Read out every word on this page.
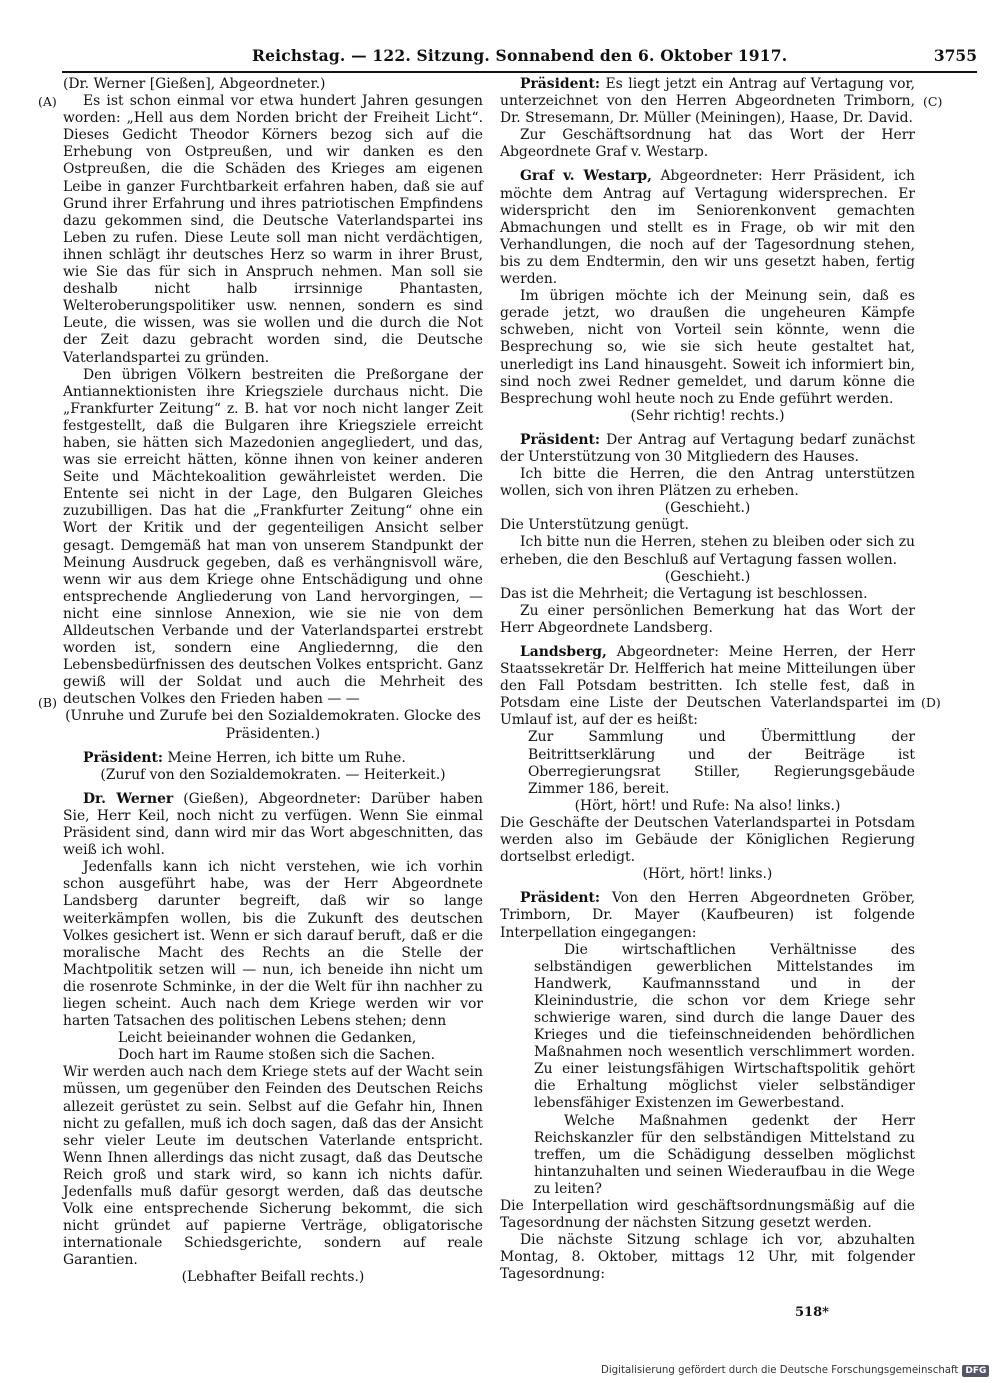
Reichstag. — 122. Sitzung. Sonnabend den 6. Oktober 1917.	3755
(A)
(B)
(C)
(D)

(Dr. Werner [Gießen], Abgeordneter.)

Es ist schon einmal vor etwa hundert Jahren gesungen worden: „Hell aus dem Norden bricht der Freiheit Licht“. Dieses Gedicht Theodor Körners bezog sich auf die Erhebung von Ostpreußen, und wir danken es den Ostpreußen, die die Schäden des Krieges am eigenen Leibe in ganzer Furchtbarkeit erfahren haben, daß sie auf Grund ihrer Erfahrung und ihres patriotischen Empfindens dazu gekommen sind, die Deutsche Vaterlandspartei ins Leben zu rufen. Diese Leute soll man nicht verdächtigen, ihnen schlägt ihr deutsches Herz so warm in ihrer Brust, wie Sie das für sich in Anspruch nehmen. Man soll sie deshalb nicht halb irrsinnige Phantasten, Welteroberungspolitiker usw. nennen, sondern es sind Leute, die wissen, was sie wollen und die durch die Not der Zeit dazu gebracht worden sind, die Deutsche Vaterlandspartei zu gründen.

Den übrigen Völkern bestreiten die Preßorgane der Antiannektionisten ihre Kriegsziele durchaus nicht. Die „Frankfurter Zeitung“ z. B. hat vor noch nicht langer Zeit festgestellt, daß die Bulgaren ihre Kriegsziele erreicht haben, sie hätten sich Mazedonien angegliedert, und das, was sie erreicht hätten, könne ihnen von keiner anderen Seite und Mächtekoalition gewährleistet werden. Die Entente sei nicht in der Lage, den Bulgaren Gleiches zuzubilligen. Das hat die „Frankfurter Zeitung“ ohne ein Wort der Kritik und der gegenteiligen Ansicht selber gesagt. Demgemäß hat man von unserem Standpunkt der Meinung Ausdruck gegeben, daß es verhängnisvoll wäre, wenn wir aus dem Kriege ohne Entschädigung und ohne entsprechende Angliederung von Land hervorgingen, — nicht eine sinnlose Annexion, wie sie nie von dem Alldeutschen Verbande und der Vaterlandspartei erstrebt worden ist, sondern eine Angliedernng, die den Lebensbedürfnissen des deutschen Volkes entspricht. Ganz gewiß will der Soldat und auch die Mehrheit des deutschen Volkes den Frieden haben — —

(Unruhe und Zurufe bei den Sozialdemokraten. Glocke des Präsidenten.)

Präsident: Meine Herren, ich bitte um Ruhe.

(Zuruf von den Sozialdemokraten. — Heiterkeit.)

Dr. Werner (Gießen), Abgeordneter: Darüber haben Sie, Herr Keil, noch nicht zu verfügen. Wenn Sie einmal Präsident sind, dann wird mir das Wort abgeschnitten, das weiß ich wohl.

Jedenfalls kann ich nicht verstehen, wie ich vorhin schon ausgeführt habe, was der Herr Abgeordnete Landsberg darunter begreift, daß wir so lange weiterkämpfen wollen, bis die Zukunft des deutschen Volkes gesichert ist. Wenn er sich darauf beruft, daß er die moralische Macht des Rechts an die Stelle der Machtpolitik setzen will — nun, ich beneide ihn nicht um die rosenrote Schminke, in der die Welt für ihn nachher zu liegen scheint. Auch nach dem Kriege werden wir vor harten Tatsachen des politischen Lebens stehen; denn

Leicht beieinander wohnen die Gedanken,

Doch hart im Raume stoßen sich die Sachen.

Wir werden auch nach dem Kriege stets auf der Wacht sein müssen, um gegenüber den Feinden des Deutschen Reichs allezeit gerüstet zu sein. Selbst auf die Gefahr hin, Ihnen nicht zu gefallen, muß ich doch sagen, daß das der Ansicht sehr vieler Leute im deutschen Vaterlande entspricht. Wenn Ihnen allerdings das nicht zusagt, daß das Deutsche Reich groß und stark wird, so kann ich nichts dafür. Jedenfalls muß dafür gesorgt werden, daß das deutsche Volk eine entsprechende Sicherung bekommt, die sich nicht gründet auf papierne Verträge, obligatorische internationale Schiedsgerichte, sondern auf reale Garantien.

(Lebhafter Beifall rechts.)

Präsident: Es liegt jetzt ein Antrag auf Vertagung vor, unterzeichnet von den Herren Abgeordneten Trimborn, Dr. Stresemann, Dr. Müller (Meiningen), Haase, Dr. David.

Zur Geschäftsordnung hat das Wort der Herr Abgeordnete Graf v. Westarp.

Graf v. Westarp, Abgeordneter: Herr Präsident, ich möchte dem Antrag auf Vertagung widersprechen. Er widerspricht den im Seniorenkonvent gemachten Abmachungen und stellt es in Frage, ob wir mit den Verhandlungen, die noch auf der Tagesordnung stehen, bis zu dem Endtermin, den wir uns gesetzt haben, fertig werden.

Im übrigen möchte ich der Meinung sein, daß es gerade jetzt, wo draußen die ungeheuren Kämpfe schweben, nicht von Vorteil sein könnte, wenn die Besprechung so, wie sie sich heute gestaltet hat, unerledigt ins Land hinausgeht. Soweit ich informiert bin, sind noch zwei Redner gemeldet, und darum könne die Besprechung wohl heute noch zu Ende geführt werden.

(Sehr richtig! rechts.)

Präsident: Der Antrag auf Vertagung bedarf zunächst der Unterstützung von 30 Mitgliedern des Hauses.

Ich bitte die Herren, die den Antrag unterstützen wollen, sich von ihren Plätzen zu erheben.

(Geschieht.)

Die Unterstützung genügt.

Ich bitte nun die Herren, stehen zu bleiben oder sich zu erheben, die den Beschluß auf Vertagung fassen wollen.

(Geschieht.)

Das ist die Mehrheit; die Vertagung ist beschlossen.

Zu einer persönlichen Bemerkung hat das Wort der Herr Abgeordnete Landsberg.

Landsberg, Abgeordneter: Meine Herren, der Herr Staatssekretär Dr. Helfferich hat meine Mitteilungen über den Fall Potsdam bestritten. Ich stelle fest, daß in Potsdam eine Liste der Deutschen Vaterlandspartei im Umlauf ist, auf der es heißt:

Zur Sammlung und Übermittlung der Beitrittserklärung und der Beiträge ist Oberregierungsrat Stiller, Regierungsgebäude Zimmer 186, bereit.

(Hört, hört! und Rufe: Na also! links.)

Die Geschäfte der Deutschen Vaterlandspartei in Potsdam werden also im Gebäude der Königlichen Regierung dortselbst erledigt.

(Hört, hört! links.)

Präsident: Von den Herren Abgeordneten Gröber, Trimborn, Dr. Mayer (Kaufbeuren) ist folgende Interpellation eingegangen:

Die wirtschaftlichen Verhältnisse des selbständigen gewerblichen Mittelstandes im Handwerk, Kaufmannsstand und in der Kleinindustrie, die schon vor dem Kriege sehr schwierige waren, sind durch die lange Dauer des Krieges und die tiefeinschneidenden behördlichen Maßnahmen noch wesentlich verschlimmert worden. Zu einer leistungsfähigen Wirtschaftspolitik gehört die Erhaltung möglichst vieler selbständiger lebensfähiger Existenzen im Gewerbestand.

Welche Maßnahmen gedenkt der Herr Reichskanzler für den selbständigen Mittelstand zu treffen, um die Schädigung desselben möglichst hintanzuhalten und seinen Wiederaufbau in die Wege zu leiten?

Die Interpellation wird geschäftsordnungsmäßig auf die Tagesordnung der nächsten Sitzung gesetzt werden.

Die nächste Sitzung schlage ich vor, abzuhalten Montag, 8. Oktober, mittags 12 Uhr, mit folgender Tagesordnung:

518*
Digitalisierung gefördert durch die Deutsche Forschungsgemeinschaft DFG
